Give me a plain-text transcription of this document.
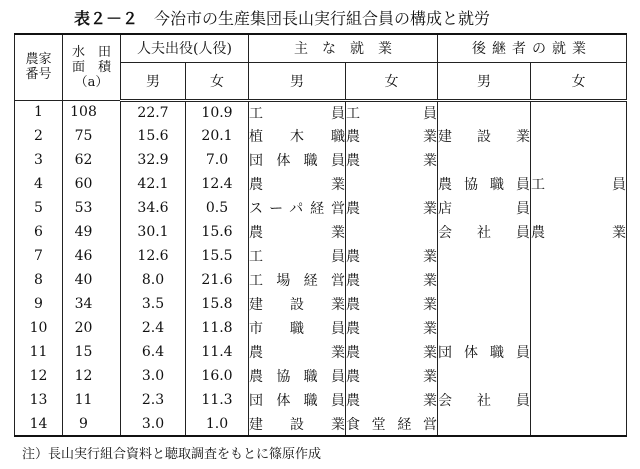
表２－２ 今治市の生産集団長山実行組合員の構成と就労
農家
番号	水　田
面　積
（a）	人夫出役(人役)		主　な　就　業		後継者の就業	
		男	女	男	女	男	女
1	108	22.7	10.9	工員	工員		

2	75	15.6	20.1	植木職	農業	建設業	

3	62	32.9	7.0	団体職員	農業		

4	60	42.1	12.4	農業		農協職員	工員

5	53	34.6	0.5	スーパ経営	農業	店員	

6	49	30.1	15.6	農業		会社員	農業

7	46	12.6	15.5	工員	農業		

8	40	8.0	21.6	工場経営	農業		

9	34	3.5	15.8	建設業	農業		

10	20	2.4	11.8	市職員	農業		

11	15	6.4	11.4	農業	農業	団体職員	

12	12	3.0	16.0	農協職員	農業		

13	11	2.3	11.3	団体職員	農業	会社員	

14	9	3.0	1.0	建設業	食堂経営		

注）長山実行組合資料と聴取調査をもとに篠原作成
